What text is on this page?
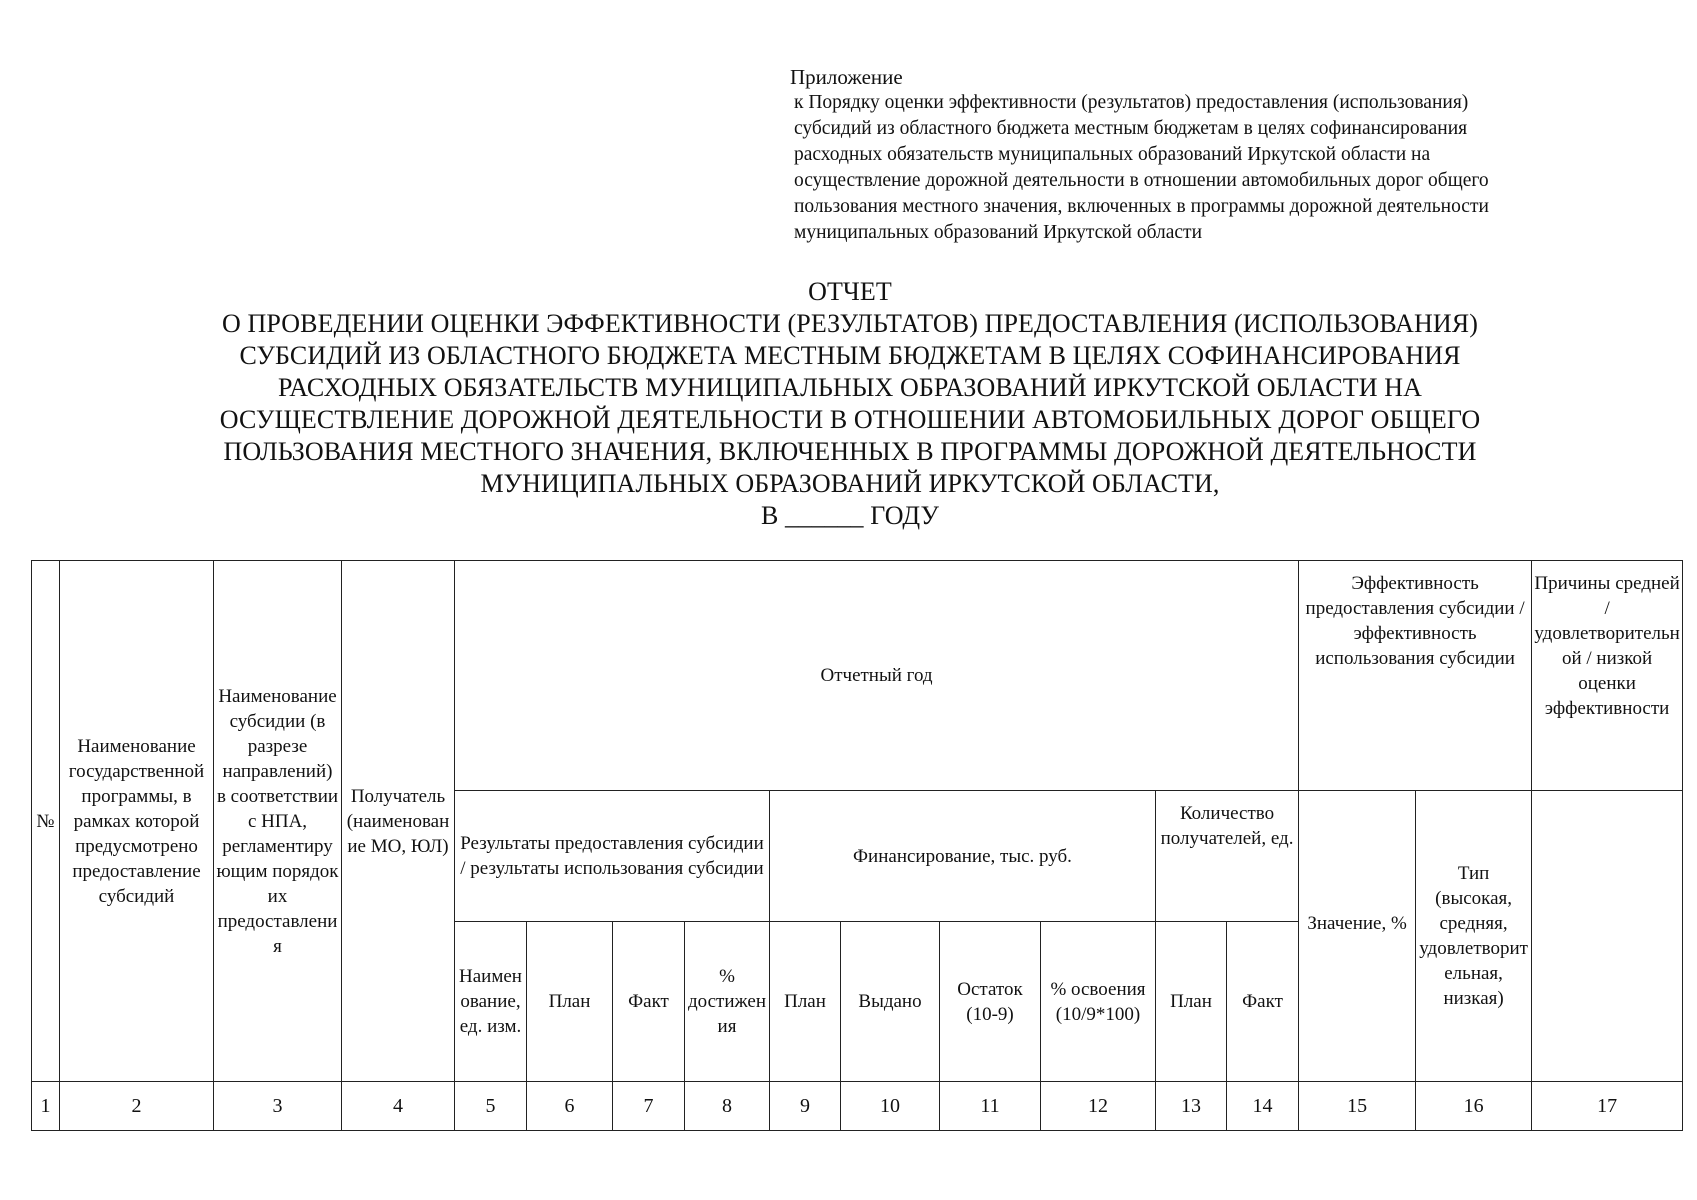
Приложение
к Порядку оценки эффективности (результатов) предоставления (использования)
субсидий из областного бюджета местным бюджетам в целях софинансирования
расходных обязательств муниципальных образований Иркутской области на
осуществление дорожной деятельности в отношении автомобильных дорог общего
пользования местного значения, включенных в программы дорожной деятельности
муниципальных образований Иркутской области
ОТЧЕТ
О ПРОВЕДЕНИИ ОЦЕНКИ ЭФФЕКТИВНОСТИ (РЕЗУЛЬТАТОВ) ПРЕДОСТАВЛЕНИЯ (ИСПОЛЬЗОВАНИЯ)
СУБСИДИЙ ИЗ ОБЛАСТНОГО БЮДЖЕТА МЕСТНЫМ БЮДЖЕТАМ В ЦЕЛЯХ СОФИНАНСИРОВАНИЯ
РАСХОДНЫХ ОБЯЗАТЕЛЬСТВ МУНИЦИПАЛЬНЫХ ОБРАЗОВАНИЙ ИРКУТСКОЙ ОБЛАСТИ НА
ОСУЩЕСТВЛЕНИЕ ДОРОЖНОЙ ДЕЯТЕЛЬНОСТИ В ОТНОШЕНИИ АВТОМОБИЛЬНЫХ ДОРОГ ОБЩЕГО
ПОЛЬЗОВАНИЯ МЕСТНОГО ЗНАЧЕНИЯ, ВКЛЮЧЕННЫХ В ПРОГРАММЫ ДОРОЖНОЙ ДЕЯТЕЛЬНОСТИ
МУНИЦИПАЛЬНЫХ ОБРАЗОВАНИЙ ИРКУТСКОЙ ОБЛАСТИ,
В ______ ГОДУ
№	Наименование государственной программы, в рамках которой предусмотрено предоставление субсидий	Наименование субсидии (в разрезе направлений) в соответствии с НПА, регламентирующим порядок их предоставления	Получатель (наименование МО, ЮЛ)	Отчетный год										Эффективность предоставления субсидии / эффективность использования субсидии		Причины средней / удовлетворительной / низкой оценки эффективности
				Результаты предоставления субсидии / результаты использования субсидии				Финансирование, тыс. руб.				Количество получателей, ед.		Значение, %	Тип (высокая, средняя, удовлетворительная, низкая)	
				Наименование, ед. изм.	План	Факт	% достижения	План	Выдано	Остаток (10-9)	% освоения (10/9*100)	План	Факт			
1	2	3	4	5	6	7	8	9	10	11	12	13	14	15	16	17
